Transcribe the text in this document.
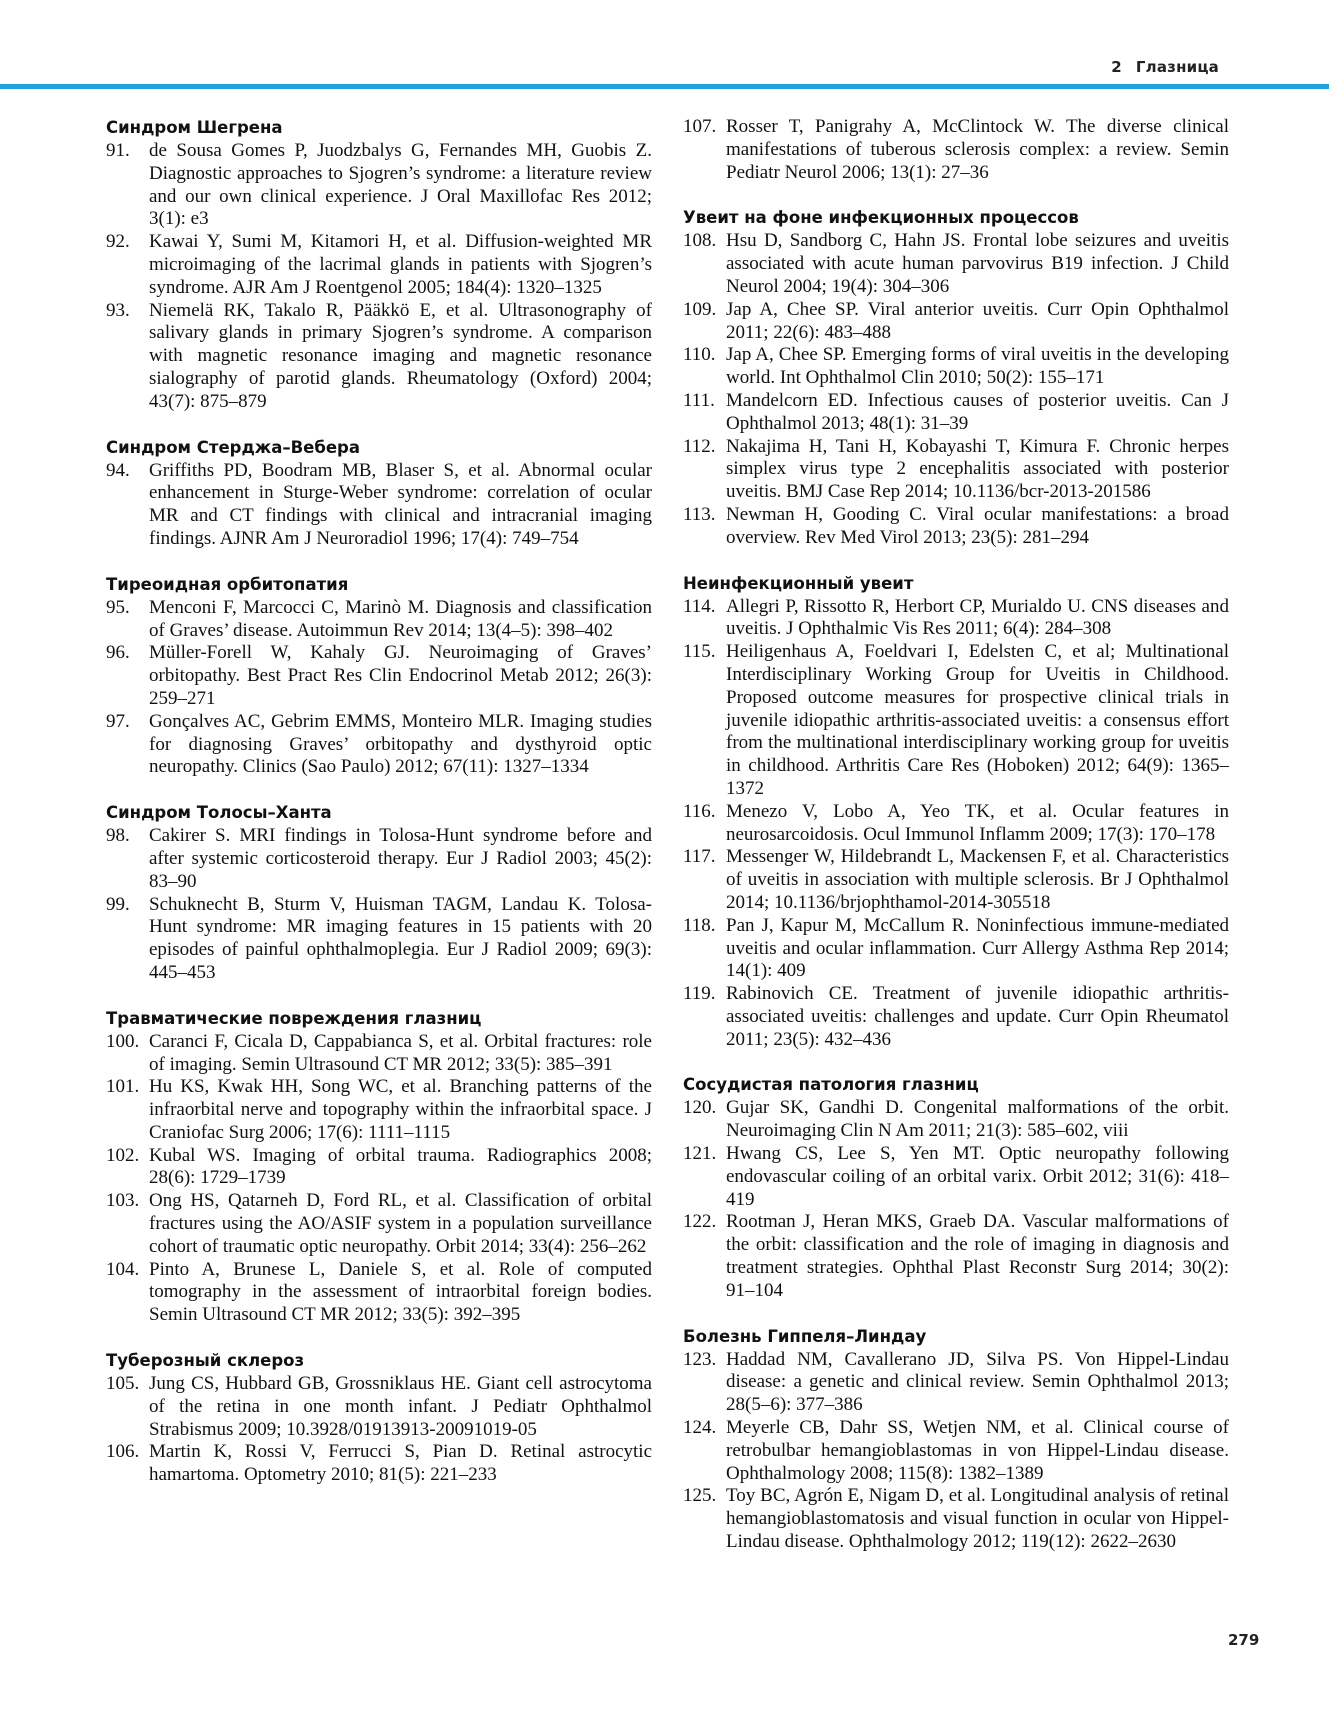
2 Глазница
Синдром Шегрена
91.	de Sousa Gomes P, Juodzbalys G, Fernandes MH, Guobis Z. Diagnostic approaches to Sjogren’s syndrome: a literature review and our own clinical experience. J Oral Maxillofac Res 2012; 3(1): e3
92.	Kawai Y, Sumi M, Kitamori H, et al. Diffusion-weighted MR microimaging of the lacrimal glands in patients with Sjogren’s syndrome. AJR Am J Roentgenol 2005; 184(4): 1320–1325
93.	Niemelä RK, Takalo R, Pääkkö E, et al. Ultrasonography of salivary glands in primary Sjogren’s syndrome. A comparison with magnetic resonance imaging and magnetic resonance sialography of parotid glands. Rheumatology (Oxford) 2004; 43(7): 875–879
Синдром Стерджа–Вебера
94.	Griffiths PD, Boodram MB, Blaser S, et al. Abnormal ocular enhancement in Sturge-Weber syndrome: correlation of ocular MR and CT findings with clinical and intracranial imaging findings. AJNR Am J Neuroradiol 1996; 17(4): 749–754
Тиреоидная орбитопатия
95.	Menconi F, Marcocci C, Marinò M. Diagnosis and classification of Graves’ disease. Autoimmun Rev 2014; 13(4–5): 398–402
96.	Müller-Forell W, Kahaly GJ. Neuroimaging of Graves’ orbitopathy. Best Pract Res Clin Endocrinol Metab 2012; 26(3): 259–271
97.	Gonçalves AC, Gebrim EMMS, Monteiro MLR. Imaging studies for diagnosing Graves’ orbitopathy and dysthyroid optic neuropathy. Clinics (Sao Paulo) 2012; 67(11): 1327–1334
Синдром Толосы–Ханта
98.	Cakirer S. MRI findings in Tolosa-Hunt syndrome before and after systemic corticosteroid therapy. Eur J Radiol 2003; 45(2): 83–90
99.	Schuknecht B, Sturm V, Huisman TAGM, Landau K. Tolosa-Hunt syndrome: MR imaging features in 15 patients with 20 episodes of painful ophthalmoplegia. Eur J Radiol 2009; 69(3): 445–453
Травматические повреждения глазниц
100. Caranci F, Cicala D, Cappabianca S, et al. Orbital fractures: role of imaging. Semin Ultrasound CT MR 2012; 33(5): 385–391
101. Hu KS, Kwak HH, Song WC, et al. Branching patterns of the infraorbital nerve and topography within the infraorbital space. J Craniofac Surg 2006; 17(6): 1111–1115
102. Kubal WS. Imaging of orbital trauma. Radiographics 2008; 28(6): 1729–1739
103. Ong HS, Qatarneh D, Ford RL, et al. Classification of orbital fractures using the AO/ASIF system in a population surveillance cohort of traumatic optic neuropathy. Orbit 2014; 33(4): 256–262
104. Pinto A, Brunese L, Daniele S, et al. Role of computed tomography in the assessment of intraorbital foreign bodies. Semin Ultrasound CT MR 2012; 33(5): 392–395
Туберозный склероз
105. Jung CS, Hubbard GB, Grossniklaus HE. Giant cell astrocytoma of the retina in one month infant. J Pediatr Ophthalmol Strabismus 2009; 10.3928/01913913-20091019-05
106. Martin K, Rossi V, Ferrucci S, Pian D. Retinal astrocytic hamartoma. Optometry 2010; 81(5): 221–233
107. Rosser T, Panigrahy A, McClintock W. The diverse clinical manifestations of tuberous sclerosis complex: a review. Semin Pediatr Neurol 2006; 13(1): 27–36
Увеит на фоне инфекционных процессов
108. Hsu D, Sandborg C, Hahn JS. Frontal lobe seizures and uveitis associated with acute human parvovirus B19 infection. J Child Neurol 2004; 19(4): 304–306
109. Jap A, Chee SP. Viral anterior uveitis. Curr Opin Ophthalmol 2011; 22(6): 483–488
110. Jap A, Chee SP. Emerging forms of viral uveitis in the developing world. Int Ophthalmol Clin 2010; 50(2): 155–171
111. Mandelcorn ED. Infectious causes of posterior uveitis. Can J Ophthalmol 2013; 48(1): 31–39
112. Nakajima H, Tani H, Kobayashi T, Kimura F. Chronic herpes simplex virus type 2 encephalitis associated with posterior uveitis. BMJ Case Rep 2014; 10.1136/bcr-2013-201586
113. Newman H, Gooding C. Viral ocular manifestations: a broad overview. Rev Med Virol 2013; 23(5): 281–294
Неинфекционный увеит
114. Allegri P, Rissotto R, Herbort CP, Murialdo U. CNS diseases and uveitis. J Ophthalmic Vis Res 2011; 6(4): 284–308
115. Heiligenhaus A, Foeldvari I, Edelsten C, et al; Multinational Interdisciplinary Working Group for Uveitis in Childhood. Proposed outcome measures for prospective clinical trials in juvenile idiopathic arthritis-associated uveitis: a consensus effort from the multinational interdisciplinary working group for uveitis in childhood. Arthritis Care Res (Hoboken) 2012; 64(9): 1365–1372
116. Menezo V, Lobo A, Yeo TK, et al. Ocular features in neurosarcoidosis. Ocul Immunol Inflamm 2009; 17(3): 170–178
117. Messenger W, Hildebrandt L, Mackensen F, et al. Characteristics of uveitis in association with multiple sclerosis. Br J Ophthalmol 2014; 10.1136/brjophthamol-2014-305518
118. Pan J, Kapur M, McCallum R. Noninfectious immune-mediated uveitis and ocular inflammation. Curr Allergy Asthma Rep 2014; 14(1): 409
119. Rabinovich CE. Treatment of juvenile idiopathic arthritis-associated uveitis: challenges and update. Curr Opin Rheumatol 2011; 23(5): 432–436
Сосудистая патология глазниц
120. Gujar SK, Gandhi D. Congenital malformations of the orbit. Neuroimaging Clin N Am 2011; 21(3): 585–602, viii
121. Hwang CS, Lee S, Yen MT. Optic neuropathy following endovascular coiling of an orbital varix. Orbit 2012; 31(6): 418–419
122. Rootman J, Heran MKS, Graeb DA. Vascular malformations of the orbit: classification and the role of imaging in diagnosis and treatment strategies. Ophthal Plast Reconstr Surg 2014; 30(2): 91–104
Болезнь Гиппеля–Линдау
123. Haddad NM, Cavallerano JD, Silva PS. Von Hippel-Lindau disease: a genetic and clinical review. Semin Ophthalmol 2013; 28(5–6): 377–386
124. Meyerle CB, Dahr SS, Wetjen NM, et al. Clinical course of retrobulbar hemangioblastomas in von Hippel-Lindau disease. Ophthalmology 2008; 115(8): 1382–1389
125. Toy BC, Agrón E, Nigam D, et al. Longitudinal analysis of retinal hemangioblastomatosis and visual function in ocular von Hippel-Lindau disease. Ophthalmology 2012; 119(12): 2622–2630
279
